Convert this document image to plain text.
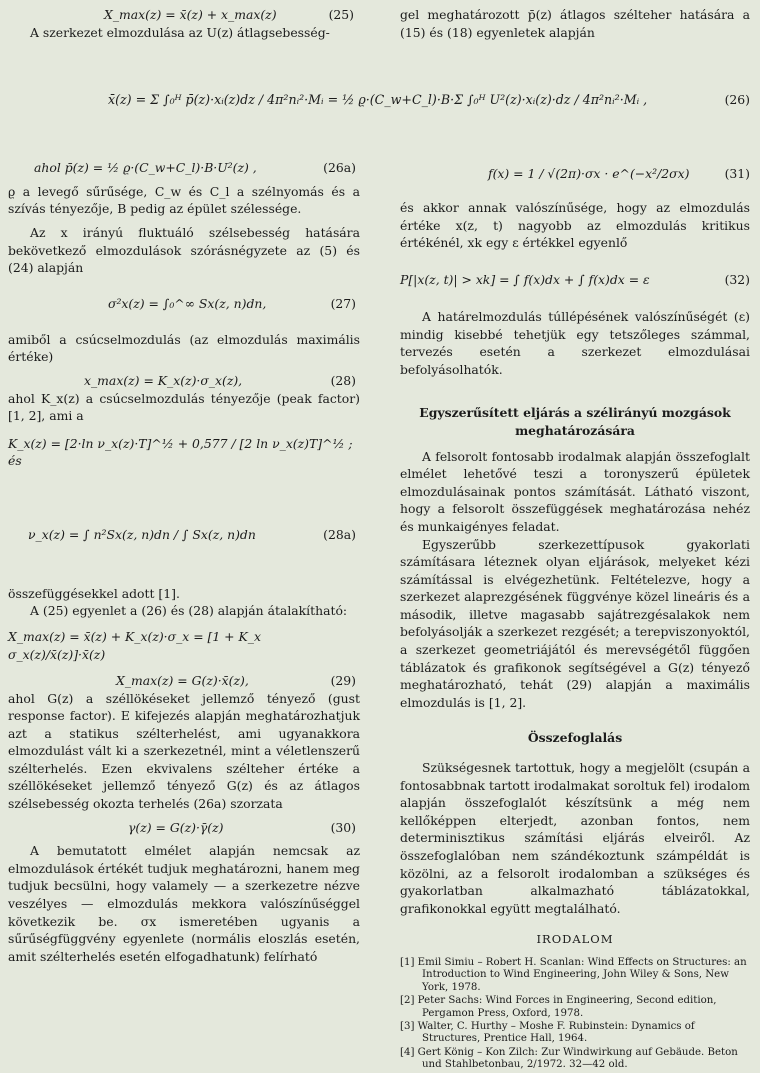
X_max(z) = x̄(z) + x_max(z)	(25)

A szerkezet elmozdulása az U(z) átlagsebesség-

x̄(z) = Σ ∫₀ᴴ p̄(z)·xᵢ(z)dz / 4π²nᵢ²·Mᵢ = ½ ϱ·(C_w+C_l)·B·Σ ∫₀ᴴ U²(z)·xᵢ(z)·dz / 4π²nᵢ²·Mᵢ ,	(26)
ahol p̄(z) = ½ ϱ·(C_w+C_l)·B·U²(z) ,	(26a)

ϱ a levegő sűrűsége, C_w és C_l a szélnyomás és a szívás tényezője, B pedig az épület szélessége.

Az x irányú fluktuáló szélsebesség hatására bekövetkező elmozdulások szórásnégyzete az (5) és (24) alapján

σ²x(z) = ∫₀^∞ Sx(z, n)dn,	(27)

amiből a csúcselmozdulás (az elmozdulás maximális értéke)

x_max(z) = K_x(z)·σ_x(z),	(28)

ahol K_x(z) a csúcselmozdulás tényezője (peak factor) [1, 2], ami a

K_x(z) = [2·ln ν_x(z)·T]^½ + 0,577 / [2 ln ν_x(z)T]^½ ; és
ν_x(z) = ∫ n²Sx(z, n)dn / ∫ Sx(z, n)dn	(28a)

összefüggésekkel adott [1].

A (25) egyenlet a (26) és (28) alapján átalakítható:

X_max(z) = x̄(z) + K_x(z)·σ_x = [1 + K_x σ_x(z)/x̄(z)]·x̄(z)
X_max(z) = G(z)·x̄(z),	(29)

ahol G(z) a széllökéseket jellemző tényező (gust response factor). E kifejezés alapján meghatározhatjuk azt a statikus szélterhelést, ami ugyanakkora elmozdulást vált ki a szerkezetnél, mint a véletlenszerű szélterhelés. Ezen ekvivalens szélteher értéke a széllökéseket jellemző tényező G(z) és az átlagos szélsebesség okozta terhelés (26a) szorzata

γ(z) = G(z)·γ̄(z)	(30)

A bemutatott elmélet alapján nemcsak az elmozdulások értékét tudjuk meghatározni, hanem meg tudjuk becsülni, hogy valamely — a szerkezetre nézve veszélyes — elmozdulás mekkora valószínűséggel következik be. σx ismeretében ugyanis a sűrűségfüggvény egyenlete (normális eloszlás esetén, amit szélterhelés esetén elfogadhatunk) felírható

gel meghatározott p̄(z) átlagos szélteher hatására a (15) és (18) egyenletek alapján

f(x) = 1 / √(2π)·σx · e^(−x²/2σx)	(31)

és akkor annak valószínűsége, hogy az elmozdulás értéke x(z, t) nagyobb az elmozdulás kritikus értékénél, xk egy ε értékkel egyenlő

P[|x(z, t)| > xk] = ∫ f(x)dx + ∫ f(x)dx = ε	(32)

A határelmozdulás túllépésének valószínűségét (ε) mindig kisebbé tehetjük egy tetszőleges számmal, tervezés esetén a szerkezet elmozdulásai befolyásolhatók.

Egyszerűsített eljárás a szélirányú mozgások meghatározására

A felsorolt fontosabb irodalmak alapján összefoglalt elmélet lehetővé teszi a toronyszerű épületek elmozdulásainak pontos számítását. Látható viszont, hogy a felsorolt összefüggések meghatározása nehéz és munkaigényes feladat.

Egyszerűbb szerkezettípusok gyakorlati számításara léteznek olyan eljárások, melyeket kézi számítással is elvégezhetünk. Feltételezve, hogy a szerkezet alaprezgésének függvénye közel lineáris és a második, illetve magasabb sajátrezgésalakok nem befolyásolják a szerkezet rezgését; a terepviszonyoktól, a szerkezet geometriájától és merevségétől függően táblázatok és grafikonok segítségével a G(z) tényező meghatározható, tehát (29) alapján a maximális elmozdulás is [1, 2].

Összefoglalás

Szükségesnek tartottuk, hogy a megjelölt (csupán a fontosabbnak tartott irodalmakat soroltuk fel) irodalom alapján összefoglalót készítsünk a még nem kellőképpen elterjedt, azonban fontos, nem determinisztikus számítási eljárás elveiről. Az összefoglalóban nem szándékoztunk számpéldát is közölni, az a felsorolt irodalomban a szükséges és gyakorlatban alkalmazható táblázatokkal, grafikonokkal együtt megtalálható.

IRODALOM

[1] Emil Simiu – Robert H. Scanlan: Wind Effects on Structures: an Introduction to Wind Engineering, John Wiley & Sons, New York, 1978.

[2] Peter Sachs: Wind Forces in Engineering, Second edition, Pergamon Press, Oxford, 1978.

[3] Walter, C. Hurthy – Moshe F. Rubinstein: Dynamics of Structures, Prentice Hall, 1964.

[4] Gert König – Kon Zilch: Zur Windwirkung auf Gebäude. Beton und Stahlbetonbau, 2/1972. 32—42 old.
